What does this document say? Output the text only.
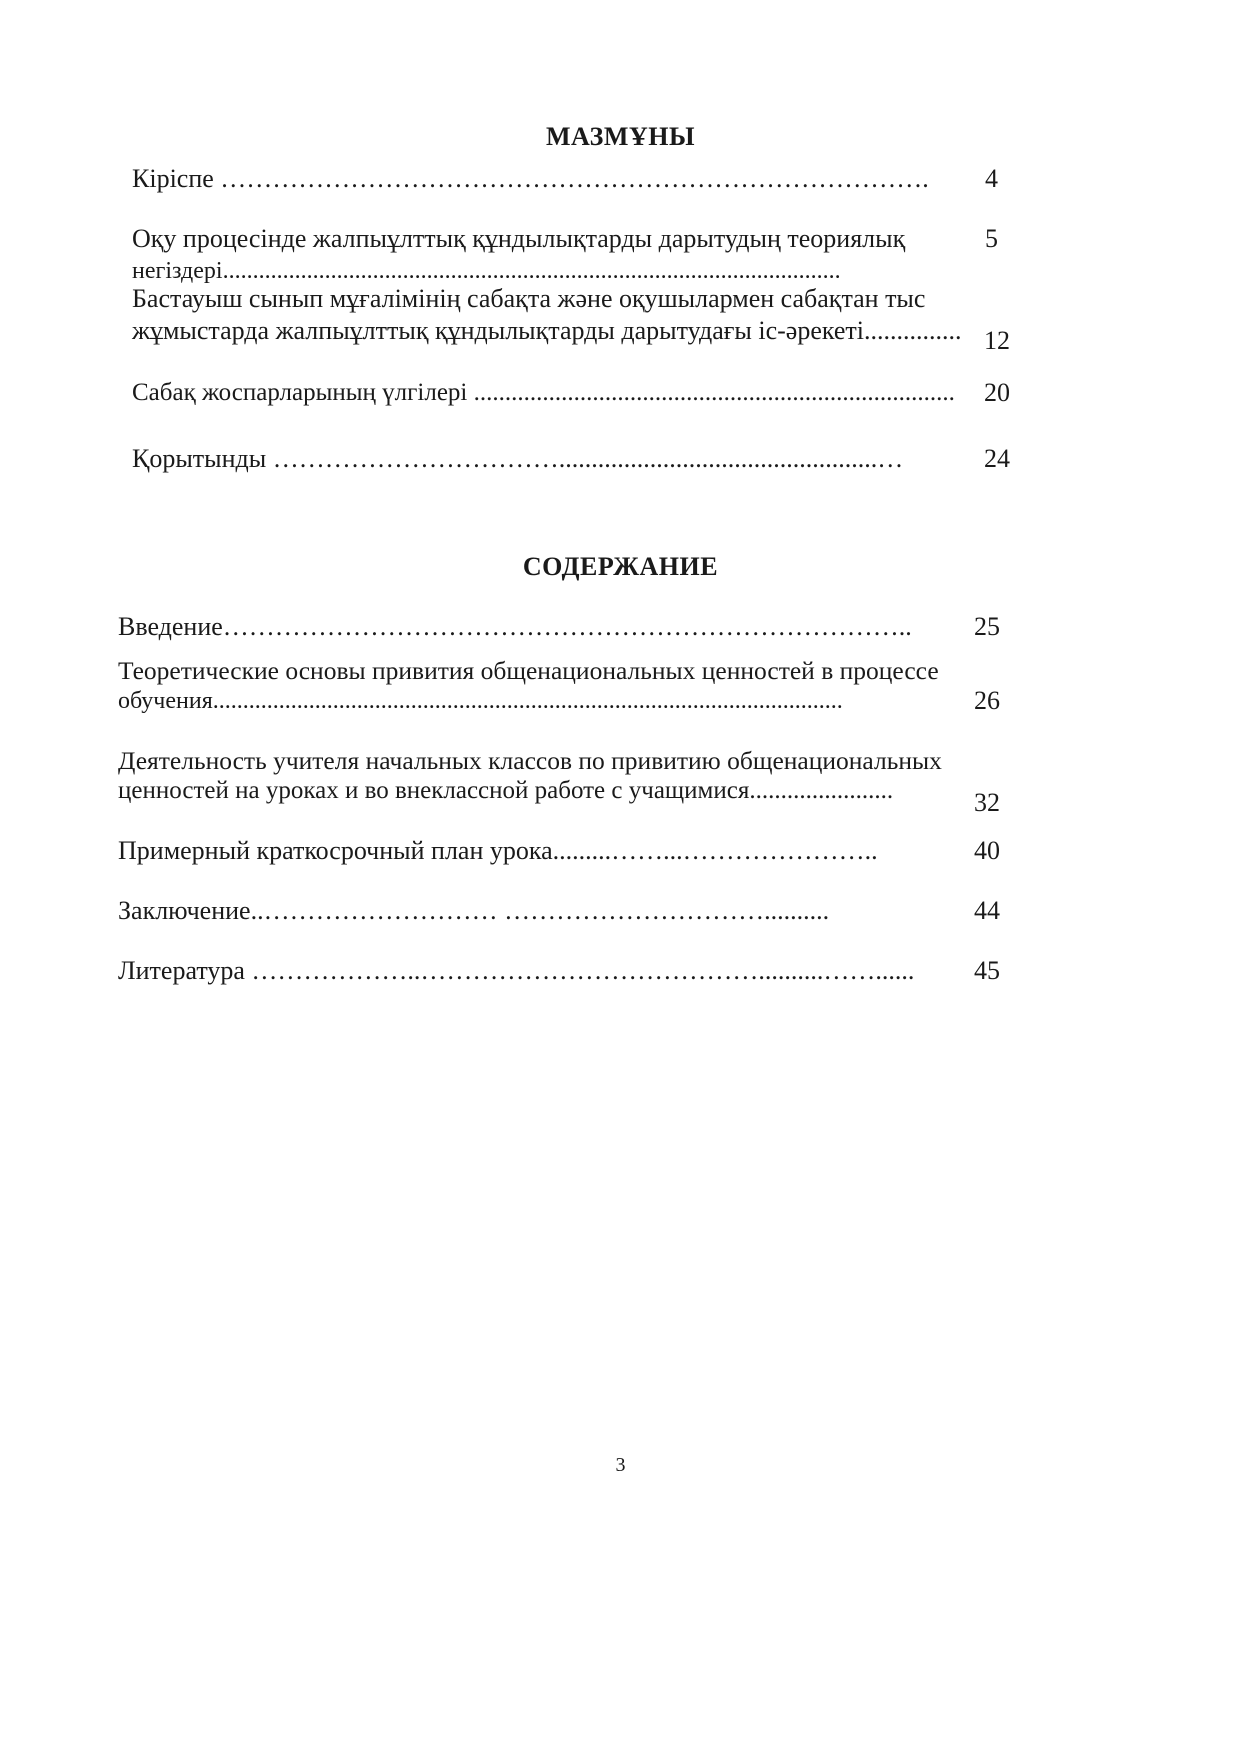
МАЗМҰНЫ
Кіріспе ………………………………………………………………………. 4
Оқу процесінде жалпыұлттық құндылықтарды дарытудың теориялық
негіздері.......................................................................................................
5
Бастауыш сынып мұғалімінің сабақта және оқушылармен сабақтан тыс
жұмыстарда жалпыұлттық құндылықтарды дарытудағы іс-әрекеті............... 12
Сабақ жоспарларының үлгілері ............................................................................. 20
Қорытынды …………………………….................................................…	24
СОДЕРЖАНИЕ
Введение…………………………………………………………………….. 25
Теоретические основы привития общенациональных ценностей в процессе
обучения.........................................................................................................	26
Деятельность учителя начальных классов по привитию общенациональных
ценностей на уроках и во внеклассной работе с учащимися.......................	32
Примерный краткосрочный план урока.........……...…………………..	40
Заключение..……………………… …………………………..........	44
Литература ………………..…………………………………..........……...... 45
3
